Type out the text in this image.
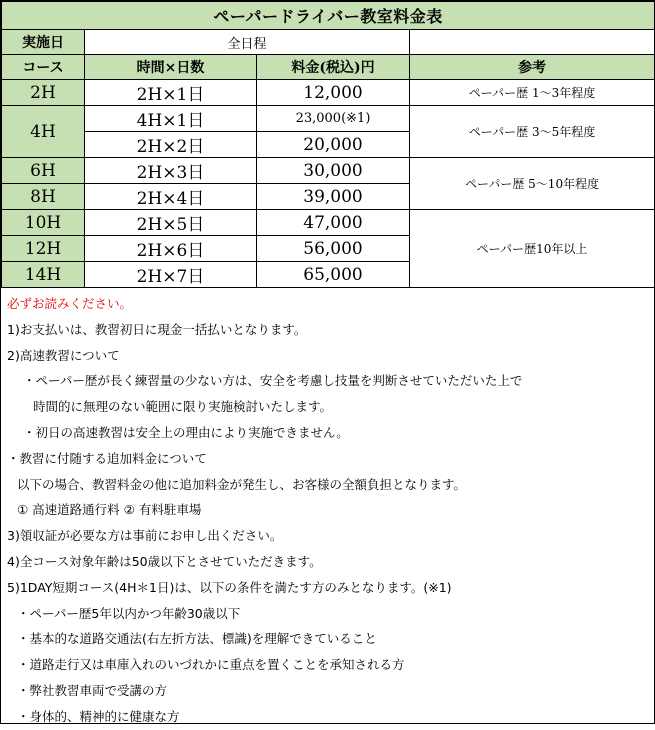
ペーパードライバー教室料金表			
実施日	全日程		
コース	時間×日数	料金(税込)円	参考
2H	2H×1日	12,000	ペーパー歴 1～3年程度
4H	4H×1日	23,000(※1)	ペーパー歴 3～5年程度
	2H×2日	20,000	
6H	2H×3日	30,000	ペーパー歴 5～10年程度
8H	2H×4日	39,000	
10H	2H×5日	47,000	ペーパー歴10年以上
12H	2H×6日	56,000	
14H	2H×7日	65,000	
必ずお読みください。
1)お支払いは、教習初日に現金一括払いとなります。
2)高速教習について
・ペーパー歴が長く練習量の少ない方は、安全を考慮し技量を判断させていただいた上で
時間的に無理のない範囲に限り実施検討いたします。
・初日の高速教習は安全上の理由により実施できません。
・教習に付随する追加料金について
以下の場合、教習料金の他に追加料金が発生し、お客様の全額負担となります。
① 高速道路通行料 ② 有料駐車場
3)領収証が必要な方は事前にお申し出ください。
4)全コース対象年齢は50歳以下とさせていただきます。
5)1DAY短期コース(4H＊1日)は、以下の条件を満たす方のみとなります。(※1)
・ペーパー歴5年以内かつ年齢30歳以下
・基本的な道路交通法(右左折方法、標識)を理解できていること
・道路走行又は車庫入れのいづれかに重点を置くことを承知される方
・弊社教習車両で受講の方
・身体的、精神的に健康な方
